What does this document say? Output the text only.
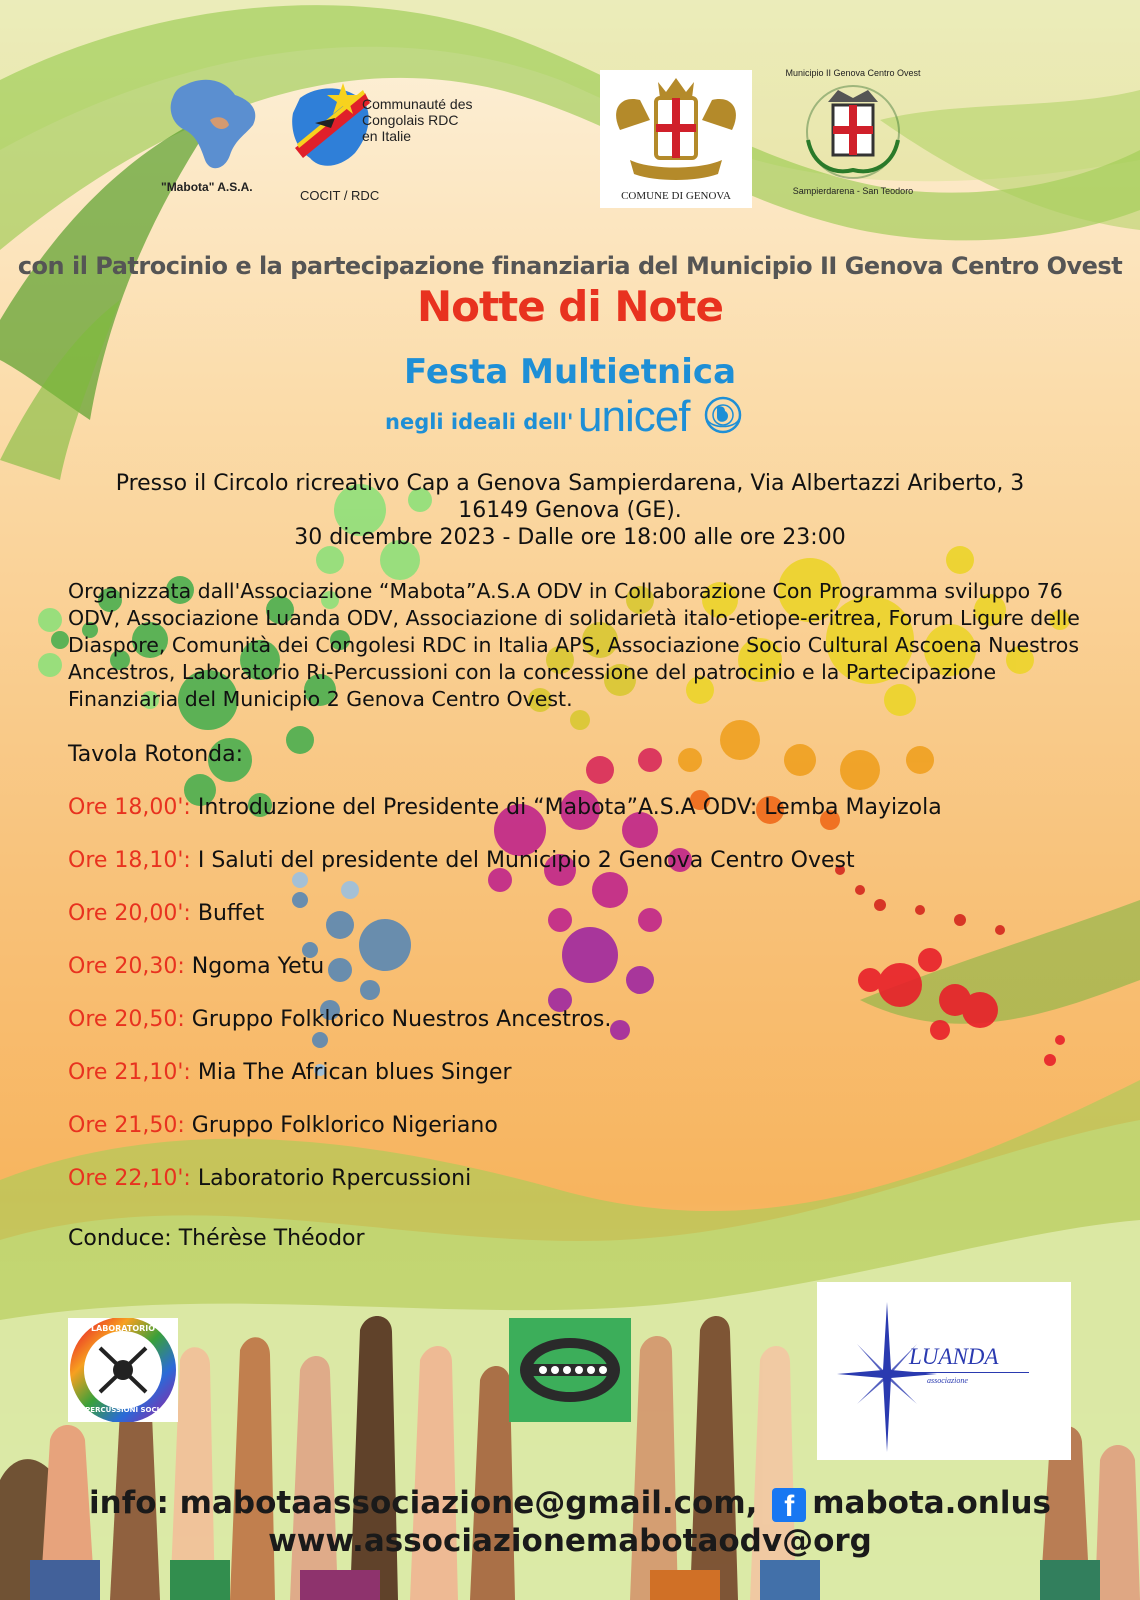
"Mabota" A.S.A.
Communauté des
Congolais RDC
en Italie
COCIT / RDC	COMUNE DI GENOVA
Municipio II Genova Centro Ovest
Sampierdarena - San Teodoro
con il Patrocinio e la partecipazione finanziaria del Municipio II Genova Centro Ovest
Notte di Note
Festa Multietnica
negli ideali dell' unicef
Presso il Circolo ricreativo Cap a Genova Sampierdarena, Via Albertazzi Ariberto, 3
16149 Genova (GE).
30 dicembre 2023 - Dalle ore 18:00 alle ore 23:00
Organizzata dall'Associazione “Mabota”A.S.A ODV in Collaborazione Con Programma sviluppo 76 ODV, Associazione Luanda ODV, Associazione di solidarietà italo-etiope-eritrea, Forum Ligure delle Diaspore, Comunità dei Congolesi RDC in Italia APS, Associazione Socio Cultural Ascoena Nuestros Ancestros, Laboratorio Ri-Percussioni con la concessione del patrocinio e la Partecipazione Finanziaria del Municipio 2 Genova Centro Ovest.
Tavola Rotonda:
Ore 18,00': Introduzione del Presidente di “Mabota”A.S.A ODV: Lemba Mayizola
Ore 18,10': I Saluti del presidente del Municipio 2 Genova Centro Ovest
Ore 20,00': Buffet
Ore 20,30: Ngoma Yetu
Ore 20,50: Gruppo Folklorico Nuestros Ancestros.
Ore 21,10': Mia The African blues Singer
Ore 21,50: Gruppo Folklorico Nigeriano
Ore 22,10': Laboratorio Rpercussioni
Conduce: Thérèse Théodor
LABORATORIO
RI-PERCUSSIONI SOCIALI
LUANDA
associazione
info: mabotaassociazione@gmail.com, f mabota.onlus
www.associazionemabotaodv@org
